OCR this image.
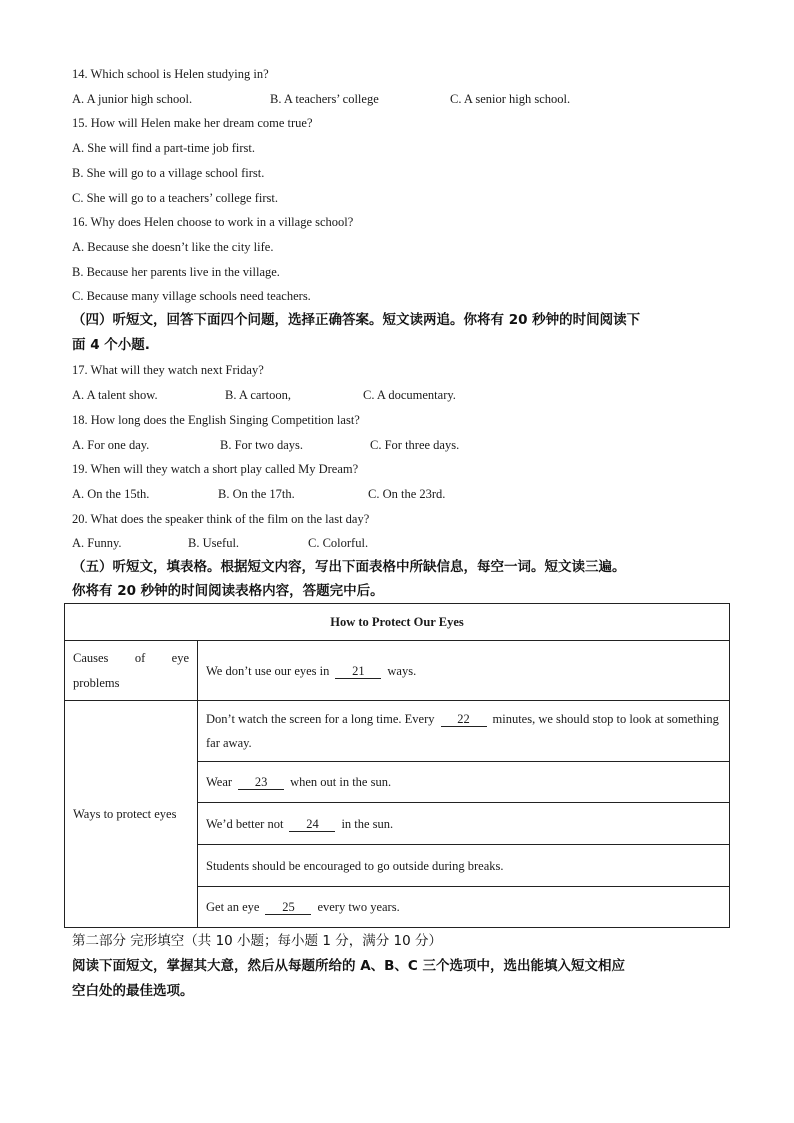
14. Which school is Helen studying in?
A. A junior high school.	B. A teachers’ college	C. A senior high school.
15. How will Helen make her dream come true?
A. She will find a part-time job first.
B. She will go to a village school first.
C. She will go to a teachers’ college first.
16. Why does Helen choose to work in a village school?
A. Because she doesn’t like the city life.
B. Because her parents live in the village.
C. Because many village schools need teachers.
（四）听短文，回答下面四个问题，选择正确答案。短文读两追。你将有 20 秒钟的时间阅读下
面 4 个小题.
17. What will they watch next Friday?
A. A talent show.	B. A cartoon,	C. A documentary.
18. How long does the English Singing Competition last?
A. For one day.	B. For two days.	C. For three days.
19. When will they watch a short play called My Dream?
A. On the 15th.	B. On the 17th.	C. On the 23rd.
20. What does the speaker think of the film on the last day?
A. Funny.	B. Useful.	C. Colorful.
（五）听短文，填表格。根据短文内容，写出下面表格中所缺信息，每空一词。短文读三遍。
你将有 20 秒钟的时间阅读表格内容，答题完中后。
How to Protect Our Eyes	
Causes of eye problems	We don’t use our eyes in 21 ways.
Ways to protect eyes	Don’t watch the screen for a long time. Every 22 minutes, we should stop to look at something far away.
	Wear 23 when out in the sun.
	We’d better not 24 in the sun.
	Students should be encouraged to go outside during breaks.
	Get an eye 25 every two years.
第二部分 完形填空（共 10 小题；每小题 1 分，满分 10 分）
阅读下面短文，掌握其大意，然后从每题所给的 A、B、C 三个选项中，选出能填入短文相应
空白处的最佳选项。
